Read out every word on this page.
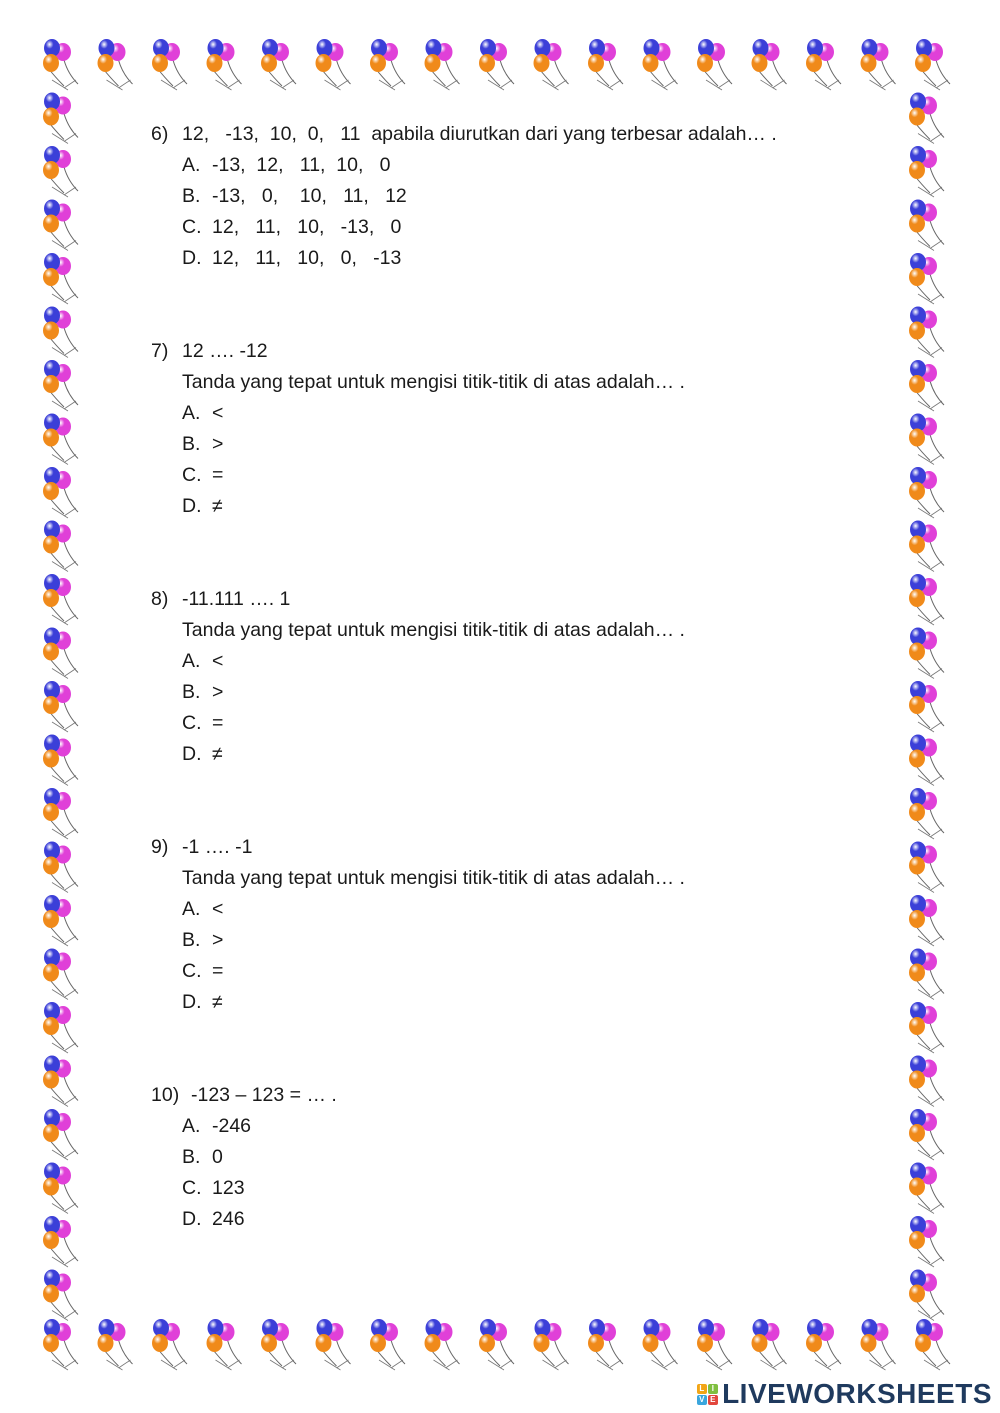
6) 12,   -13,  10,  0,   11  apabila diurutkan dari yang terbesar adalah… .
A. -13,  12,   11,  10,   0
B. -13,   0,    10,   11,   12
C. 12,   11,   10,   -13,   0
D. 12,   11,   10,   0,   -13
7) 12 …. -12
Tanda yang tepat untuk mengisi titik-titik di atas adalah… .
A. <
B. >
C. =
D. ≠
8) -11.111 …. 1
Tanda yang tepat untuk mengisi titik-titik di atas adalah… .
A. <
B. >
C. =
D. ≠
9) -1 …. -1
Tanda yang tepat untuk mengisi titik-titik di atas adalah… .
A. <
B. >
C. =
D. ≠
10) -123 – 123 = … .
A. -246
B. 0
C. 123
D. 246
L I
V E LIVEWORKSHEETS
